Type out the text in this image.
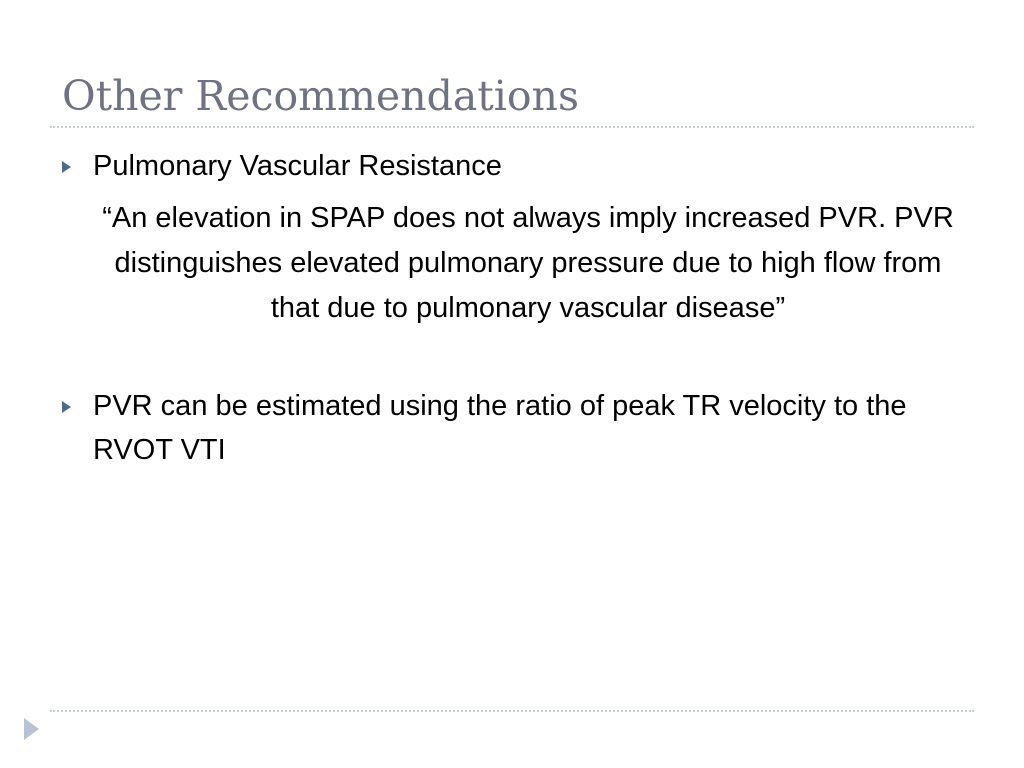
Other Recommendations
Pulmonary Vascular Resistance

“An elevation in SPAP does not always imply increased PVR. PVR distinguishes elevated pulmonary pressure due to high flow from that due to pulmonary vascular disease”

PVR can be estimated using the ratio of peak TR velocity to the RVOT VTI
